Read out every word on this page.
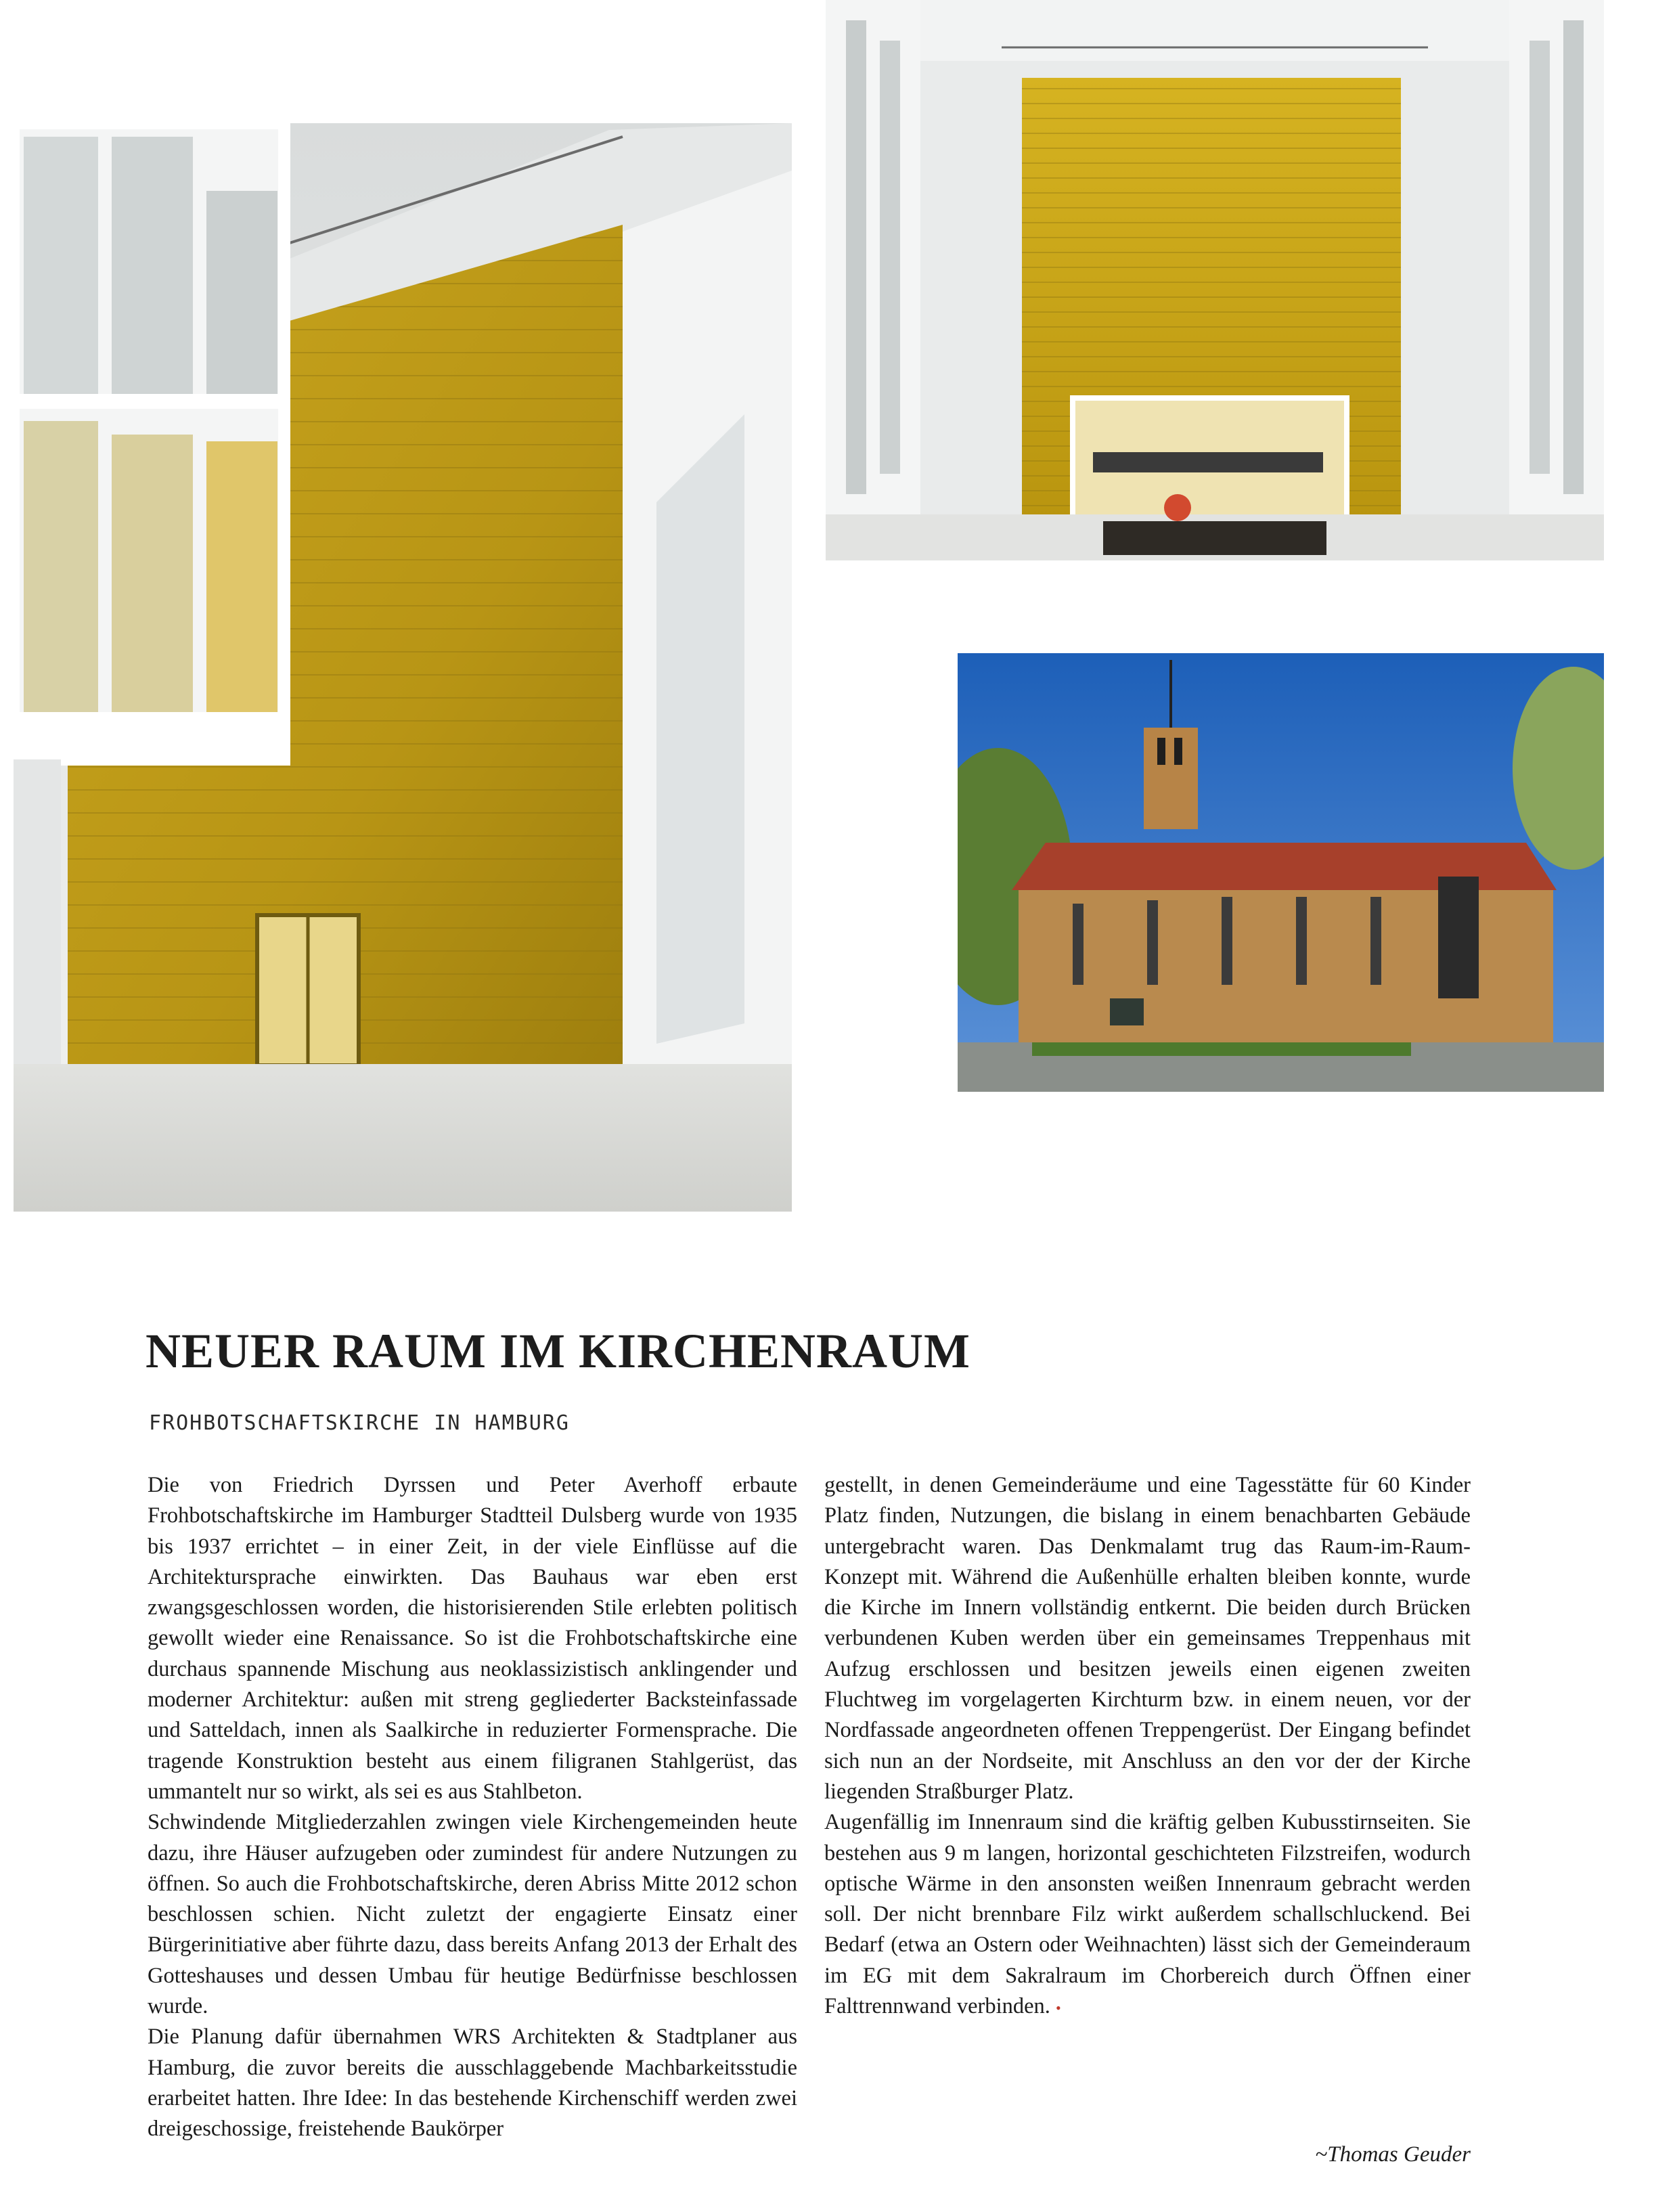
NEUER RAUM IM KIRCHENRAUM
FROHBOTSCHAFTSKIRCHE IN HAMBURG

Die von Friedrich Dyrssen und Peter Averhoff erbaute Frohbotschaftskirche im Hamburger Stadtteil Dulsberg wurde von 1935 bis 1937 errichtet – in einer Zeit, in der viele Einflüsse auf die Architektursprache einwirkten. Das Bauhaus war eben erst zwangsgeschlossen worden, die historisierenden Stile erlebten politisch gewollt wieder eine Renaissance. So ist die Frohbotschaftskirche eine durchaus spannende Mischung aus neoklassizistisch anklingender und moderner Architektur: außen mit streng gegliederter Backsteinfassade und Satteldach, innen als Saalkirche in reduzierter Formensprache. Die tragende Konstruktion besteht aus einem filigranen Stahlgerüst, das ummantelt nur so wirkt, als sei es aus Stahlbeton.

Schwindende Mitgliederzahlen zwingen viele Kirchengemeinden heute dazu, ihre Häuser aufzugeben oder zumindest für andere Nutzungen zu öffnen. So auch die Frohbotschaftskirche, deren Abriss Mitte 2012 schon beschlossen schien. Nicht zuletzt der engagierte Einsatz einer Bürgerinitiative aber führte dazu, dass bereits Anfang 2013 der Erhalt des Gotteshauses und dessen Umbau für heutige Bedürfnisse beschlossen wurde.

Die Planung dafür übernahmen WRS Architekten & Stadtplaner aus Hamburg, die zuvor bereits die ausschlaggebende Machbarkeitsstudie erarbeitet hatten. Ihre Idee: In das bestehende Kirchenschiff werden zwei dreigeschossige, freistehende Baukörper

gestellt, in denen Gemeinderäume und eine Tagesstätte für 60 Kinder Platz finden, Nutzungen, die bislang in einem benachbarten Gebäude untergebracht waren. Das Denkmalamt trug das Raum-im-Raum-Konzept mit. Während die Außenhülle erhalten bleiben konnte, wurde die Kirche im Innern vollständig entkernt. Die beiden durch Brücken verbundenen Kuben werden über ein gemeinsames Treppenhaus mit Aufzug erschlossen und besitzen jeweils einen eigenen zweiten Fluchtweg im vorgelagerten Kirchturm bzw. in einem neuen, vor der Nordfassade angeordneten offenen Treppengerüst. Der Eingang befindet sich nun an der Nordseite, mit Anschluss an den vor der der Kirche liegenden Straßburger Platz.

Augenfällig im Innenraum sind die kräftig gelben Kubusstirnseiten. Sie bestehen aus 9 m langen, horizontal geschichteten Filzstreifen, wodurch optische Wärme in den ansonsten weißen Innenraum gebracht werden soll. Der nicht brennbare Filz wirkt außerdem schallschluckend. Bei Bedarf (etwa an Ostern oder Weihnachten) lässt sich der Gemeinderaum im EG mit dem Sakralraum im Chorbereich durch Öffnen einer Falttrennwand verbinden. •

~Thomas Geuder
